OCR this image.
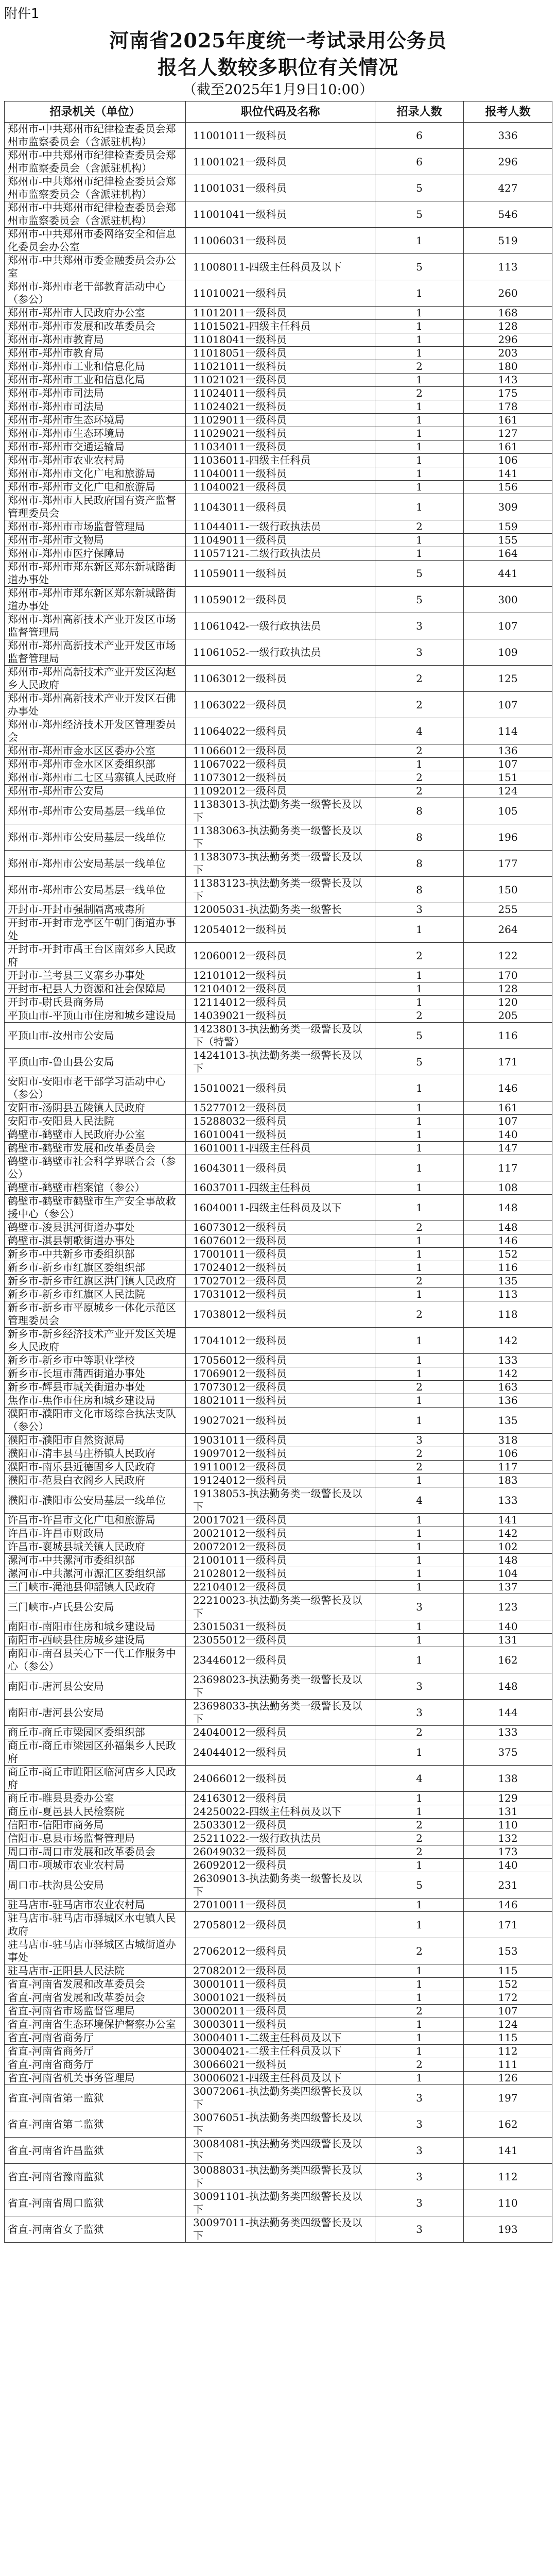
附件1
河南省2025年度统一考试录用公务员
报名人数较多职位有关情况
（截至2025年1月9日10:00）
招录机关（单位）	职位代码及名称	招录人数	报考人数
郑州市-中共郑州市纪律检查委员会郑州市监察委员会（含派驻机构）	11001011一级科员	6	336
郑州市-中共郑州市纪律检查委员会郑州市监察委员会（含派驻机构）	11001021一级科员	6	296
郑州市-中共郑州市纪律检查委员会郑州市监察委员会（含派驻机构）	11001031一级科员	5	427
郑州市-中共郑州市纪律检查委员会郑州市监察委员会（含派驻机构）	11001041一级科员	5	546
郑州市-中共郑州市委网络安全和信息化委员会办公室	11006031一级科员	1	519
郑州市-中共郑州市委金融委员会办公室	11008011-四级主任科员及以下	5	113
郑州市-郑州市老干部教育活动中心（参公）	11010021一级科员	1	260
郑州市-郑州市人民政府办公室	11012011一级科员	1	168
郑州市-郑州市发展和改革委员会	11015021-四级主任科员	1	128
郑州市-郑州市教育局	11018041一级科员	1	296
郑州市-郑州市教育局	11018051一级科员	1	203
郑州市-郑州市工业和信息化局	11021011一级科员	2	180
郑州市-郑州市工业和信息化局	11021021一级科员	1	143
郑州市-郑州市司法局	11024011一级科员	2	175
郑州市-郑州市司法局	11024021一级科员	1	178
郑州市-郑州市生态环境局	11029011一级科员	1	161
郑州市-郑州市生态环境局	11029021一级科员	1	127
郑州市-郑州市交通运输局	11034011一级科员	1	161
郑州市-郑州市农业农村局	11036011-四级主任科员	1	106
郑州市-郑州市文化广电和旅游局	11040011一级科员	1	141
郑州市-郑州市文化广电和旅游局	11040021一级科员	1	156
郑州市-郑州市人民政府国有资产监督管理委员会	11043011一级科员	1	309
郑州市-郑州市市场监督管理局	11044011-一级行政执法员	2	159
郑州市-郑州市文物局	11049011一级科员	1	155
郑州市-郑州市医疗保障局	11057121-二级行政执法员	1	164
郑州市-郑州市郑东新区郑东新城路街道办事处	11059011一级科员	5	441
郑州市-郑州市郑东新区郑东新城路街道办事处	11059012一级科员	5	300
郑州市-郑州高新技术产业开发区市场监督管理局	11061042-一级行政执法员	3	107
郑州市-郑州高新技术产业开发区市场监督管理局	11061052-一级行政执法员	3	109
郑州市-郑州高新技术产业开发区沟赵乡人民政府	11063012一级科员	2	125
郑州市-郑州高新技术产业开发区石佛办事处	11063022一级科员	2	107
郑州市-郑州经济技术开发区管理委员会	11064022一级科员	4	114
郑州市-郑州市金水区区委办公室	11066012一级科员	2	136
郑州市-郑州市金水区区委组织部	11067022一级科员	1	107
郑州市-郑州市二七区马寨镇人民政府	11073012一级科员	2	151
郑州市-郑州市公安局	11092012一级科员	2	124
郑州市-郑州市公安局基层一线单位	11383013-执法勤务类一级警长及以下	8	105
郑州市-郑州市公安局基层一线单位	11383063-执法勤务类一级警长及以下	8	196
郑州市-郑州市公安局基层一线单位	11383073-执法勤务类一级警长及以下	8	177
郑州市-郑州市公安局基层一线单位	11383123-执法勤务类一级警长及以下	8	150
开封市-开封市强制隔离戒毒所	12005031-执法勤务类一级警长	3	255
开封市-开封市龙亭区午朝门街道办事处	12054012一级科员	1	264
开封市-开封市禹王台区南郊乡人民政府	12060012一级科员	2	122
开封市-兰考县三义寨乡办事处	12101012一级科员	1	170
开封市-杞县人力资源和社会保障局	12104012一级科员	1	128
开封市-尉氏县商务局	12114012一级科员	1	120
平顶山市-平顶山市住房和城乡建设局	14039021一级科员	2	205
平顶山市-汝州市公安局	14238013-执法勤务类一级警长及以下（特警）	5	116
平顶山市-鲁山县公安局	14241013-执法勤务类一级警长及以下	5	171
安阳市-安阳市老干部学习活动中心（参公）	15010021一级科员	1	146
安阳市-汤阴县五陵镇人民政府	15277012一级科员	1	161
安阳市-安阳县人民法院	15288032一级科员	1	107
鹤壁市-鹤壁市人民政府办公室	16010041一级科员	1	140
鹤壁市-鹤壁市发展和改革委员会	16010011-四级主任科员	1	147
鹤壁市-鹤壁市社会科学界联合会（参公）	16043011一级科员	1	117
鹤壁市-鹤壁市档案馆（参公）	16037011-四级主任科员	1	108
鹤壁市-鹤壁市鹤壁市生产安全事故救援中心（参公）	16040011-四级主任科员及以下	1	148
鹤壁市-浚县淇河街道办事处	16073012一级科员	2	148
鹤壁市-淇县朝歌街道办事处	16076012一级科员	1	146
新乡市-中共新乡市委组织部	17001011一级科员	1	152
新乡市-新乡市红旗区委组织部	17024012一级科员	1	116
新乡市-新乡市红旗区洪门镇人民政府	17027012一级科员	2	135
新乡市-新乡市红旗区人民法院	17031012一级科员	1	113
新乡市-新乡市平原城乡一体化示范区管理委员会	17038012一级科员	2	118
新乡市-新乡经济技术产业开发区关堤乡人民政府	17041012一级科员	1	142
新乡市-新乡市中等职业学校	17056012一级科员	1	133
新乡市-长垣市蒲西街道办事处	17069012一级科员	1	142
新乡市-辉县市城关街道办事处	17073012一级科员	2	163
焦作市-焦作市住房和城乡建设局	18021011一级科员	1	136
濮阳市-濮阳市文化市场综合执法支队（参公）	19027021一级科员	1	135
濮阳市-濮阳市自然资源局	19031011一级科员	3	318
濮阳市-清丰县马庄桥镇人民政府	19097012一级科员	2	106
濮阳市-南乐县近德固乡人民政府	19110012一级科员	2	117
濮阳市-范县白衣阁乡人民政府	19124012一级科员	1	183
濮阳市-濮阳市公安局基层一线单位	19138053-执法勤务类一级警长及以下	4	133
许昌市-许昌市文化广电和旅游局	20017021一级科员	1	141
许昌市-许昌市财政局	20021012一级科员	1	142
许昌市-襄城县城关镇人民政府	20072012一级科员	1	102
漯河市-中共漯河市委组织部	21001011一级科员	1	148
漯河市-中共漯河市源汇区委组织部	21028012一级科员	1	104
三门峡市-渑池县仰韶镇人民政府	22104012一级科员	1	137
三门峡市-卢氏县公安局	22210023-执法勤务类一级警长及以下	3	123
南阳市-南阳市住房和城乡建设局	23015031一级科员	1	140
南阳市-西峡县住房城乡建设局	23055012一级科员	1	131
南阳市-南召县关心下一代工作服务中心（参公）	23446012一级科员	1	162
南阳市-唐河县公安局	23698023-执法勤务类一级警长及以下	3	148
南阳市-唐河县公安局	23698033-执法勤务类一级警长及以下	3	144
商丘市-商丘市梁园区委组织部	24040012一级科员	2	133
商丘市-商丘市梁园区孙福集乡人民政府	24044012一级科员	1	375
商丘市-商丘市睢阳区临河店乡人民政府	24066012一级科员	4	138
商丘市-睢县县委办公室	24163012一级科员	1	129
商丘市-夏邑县人民检察院	24250022-四级主任科员及以下	1	131
信阳市-信阳市商务局	25033012一级科员	2	110
信阳市-息县市场监督管理局	25211022-一级行政执法员	2	132
周口市-周口市发展和改革委员会	26049032一级科员	2	173
周口市-项城市农业农村局	26092012一级科员	1	140
周口市-扶沟县公安局	26309013-执法勤务类一级警长及以下	5	231
驻马店市-驻马店市农业农村局	27010011一级科员	1	146
驻马店市-驻马店市驿城区水屯镇人民政府	27058012一级科员	1	171
驻马店市-驻马店市驿城区古城街道办事处	27062012一级科员	2	153
驻马店市-正阳县人民法院	27082012一级科员	1	115
省直-河南省发展和改革委员会	30001011一级科员	1	152
省直-河南省发展和改革委员会	30001021一级科员	1	172
省直-河南省市场监督管理局	30002011一级科员	2	107
省直-河南省生态环境保护督察办公室	30003011一级科员	1	124
省直-河南省商务厅	30004011-二级主任科员及以下	1	115
省直-河南省商务厅	30004021-二级主任科员及以下	1	112
省直-河南省商务厅	30066021一级科员	2	111
省直-河南省机关事务管理局	30006021-四级主任科员及以下	1	126
省直-河南省第一监狱	30072061-执法勤务类四级警长及以下	3	197
省直-河南省第二监狱	30076051-执法勤务类四级警长及以下	3	162
省直-河南省许昌监狱	30084081-执法勤务类四级警长及以下	3	141
省直-河南省豫南监狱	30088031-执法勤务类四级警长及以下	3	112
省直-河南省周口监狱	30091101-执法勤务类四级警长及以下	3	110
省直-河南省女子监狱	30097011-执法勤务类四级警长及以下	3	193
